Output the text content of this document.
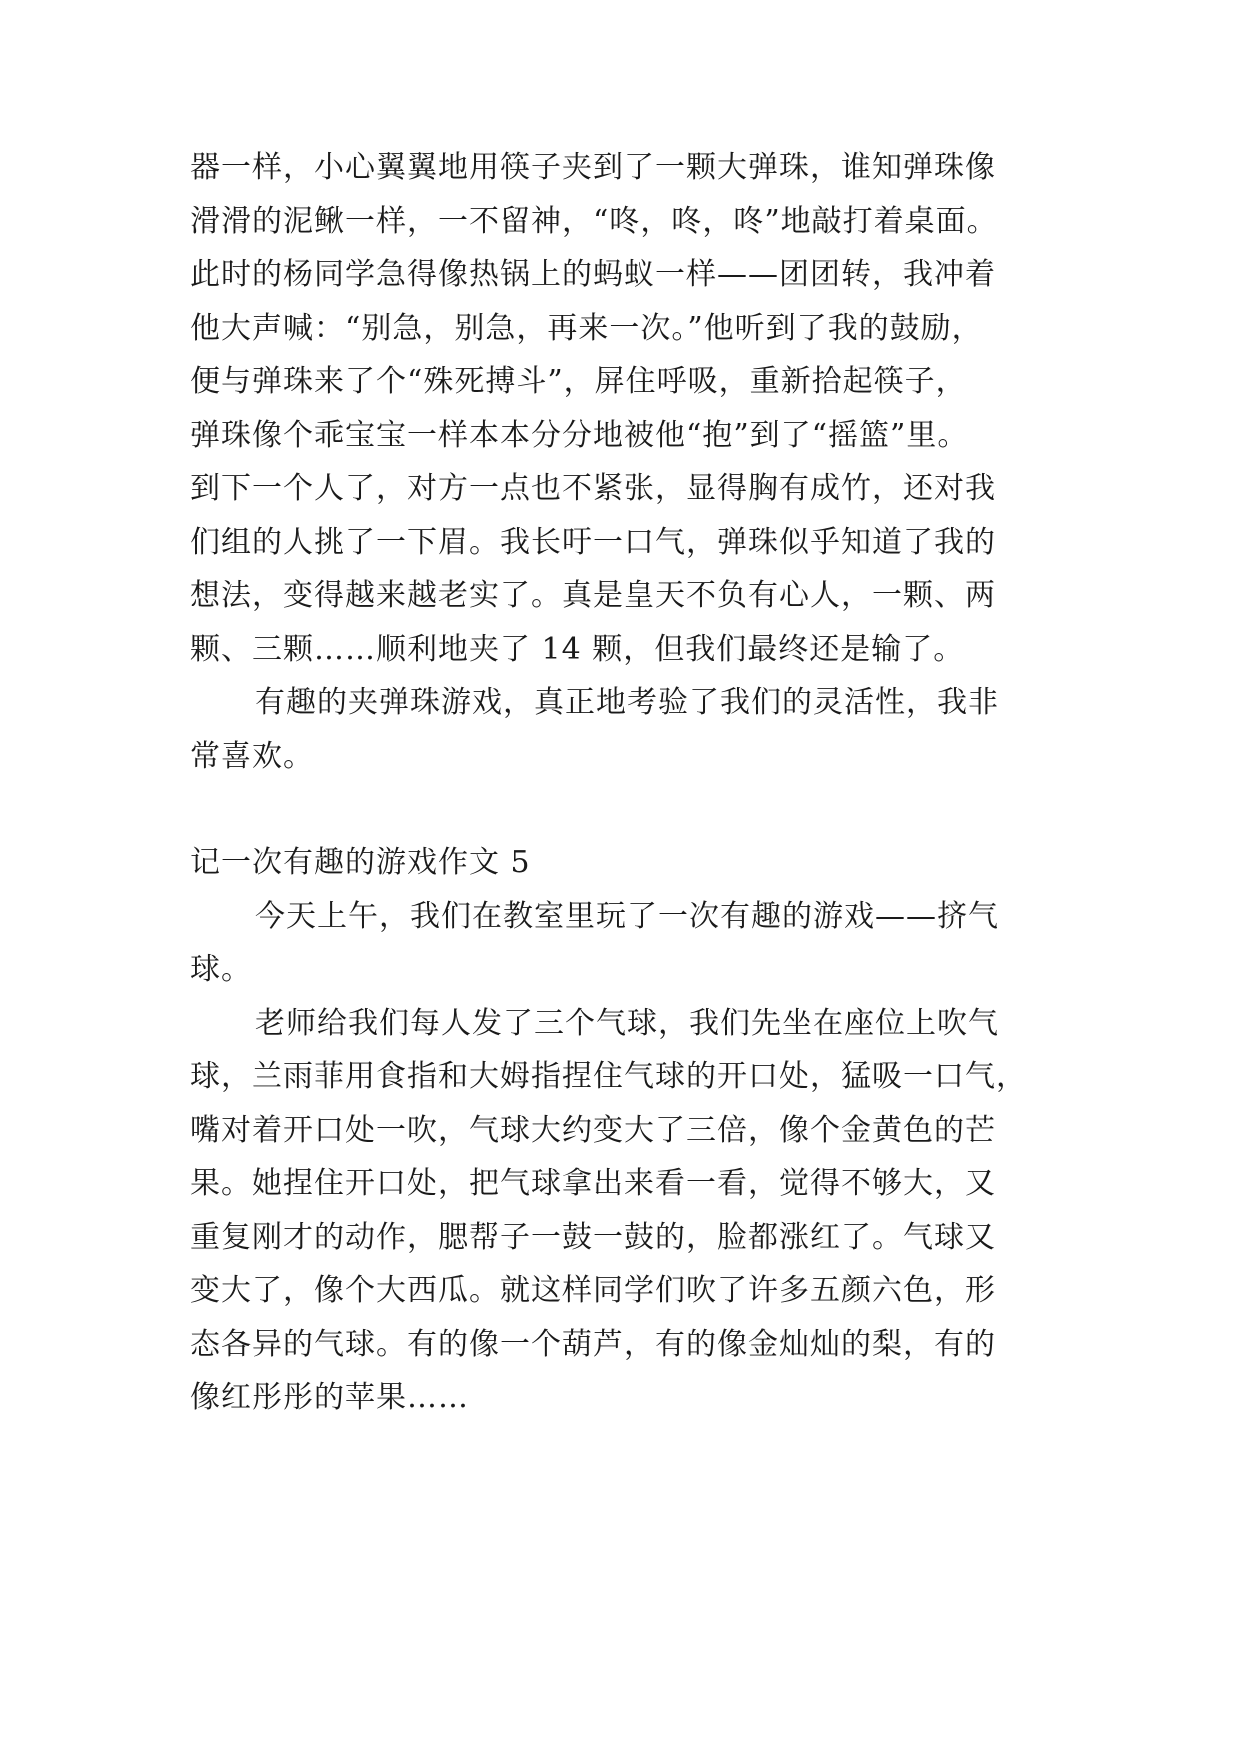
器一样，小心翼翼地用筷子夹到了一颗大弹珠，谁知弹珠像
滑滑的泥鳅一样，一不留神，“咚，咚，咚”地敲打着桌面。
此时的杨同学急得像热锅上的蚂蚁一样——团团转，我冲着
他大声喊：“别急，别急，再来一次。”他听到了我的鼓励，
便与弹珠来了个“殊死搏斗”，屏住呼吸，重新拾起筷子，
弹珠像个乖宝宝一样本本分分地被他“抱”到了“摇篮”里。
到下一个人了，对方一点也不紧张，显得胸有成竹，还对我
们组的人挑了一下眉。我长吁一口气，弹珠似乎知道了我的
想法，变得越来越老实了。真是皇天不负有心人，一颗、两
颗、三颗……顺利地夹了 14 颗，但我们最终还是输了。
有趣的夹弹珠游戏，真正地考验了我们的灵活性，我非
常喜欢。
记一次有趣的游戏作文 5
今天上午，我们在教室里玩了一次有趣的游戏——挤气
球。
老师给我们每人发了三个气球，我们先坐在座位上吹气
球，兰雨菲用食指和大姆指捏住气球的开口处，猛吸一口气，
嘴对着开口处一吹，气球大约变大了三倍，像个金黄色的芒
果。她捏住开口处，把气球拿出来看一看，觉得不够大，又
重复刚才的动作，腮帮子一鼓一鼓的，脸都涨红了。气球又
变大了，像个大西瓜。就这样同学们吹了许多五颜六色，形
态各异的气球。有的像一个葫芦，有的像金灿灿的梨，有的
像红彤彤的苹果……
